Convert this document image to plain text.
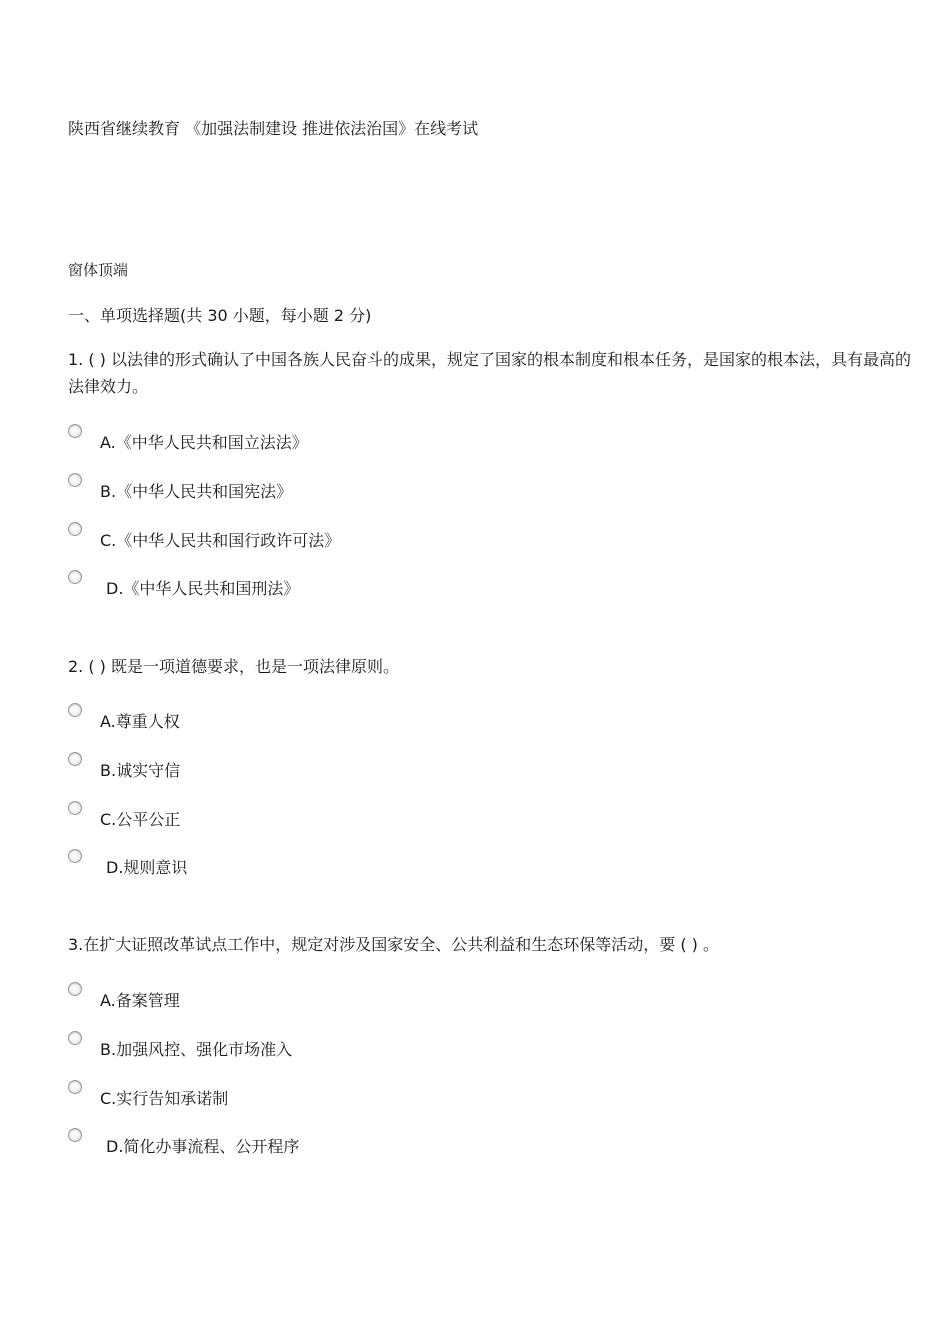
陕西省继续教育 《加强法制建设 推进依法治国》在线考试
窗体顶端
一、单项选择题(共 30 小题，每小题 2 分)
1. ( ) 以法律的形式确认了中国各族人民奋斗的成果，规定了国家的根本制度和根本任务，是国家的根本法，具有最高的法律效力。
A.《中华人民共和国立法法》
B.《中华人民共和国宪法》
C.《中华人民共和国行政许可法》
D.《中华人民共和国刑法》
2. ( ) 既是一项道德要求，也是一项法律原则。
A.尊重人权
B.诚实守信
C.公平公正
D.规则意识
3.在扩大证照改革试点工作中，规定对涉及国家安全、公共利益和生态环保等活动，要 ( ) 。
A.备案管理
B.加强风控、强化市场准入
C.实行告知承诺制
D.简化办事流程、公开程序
